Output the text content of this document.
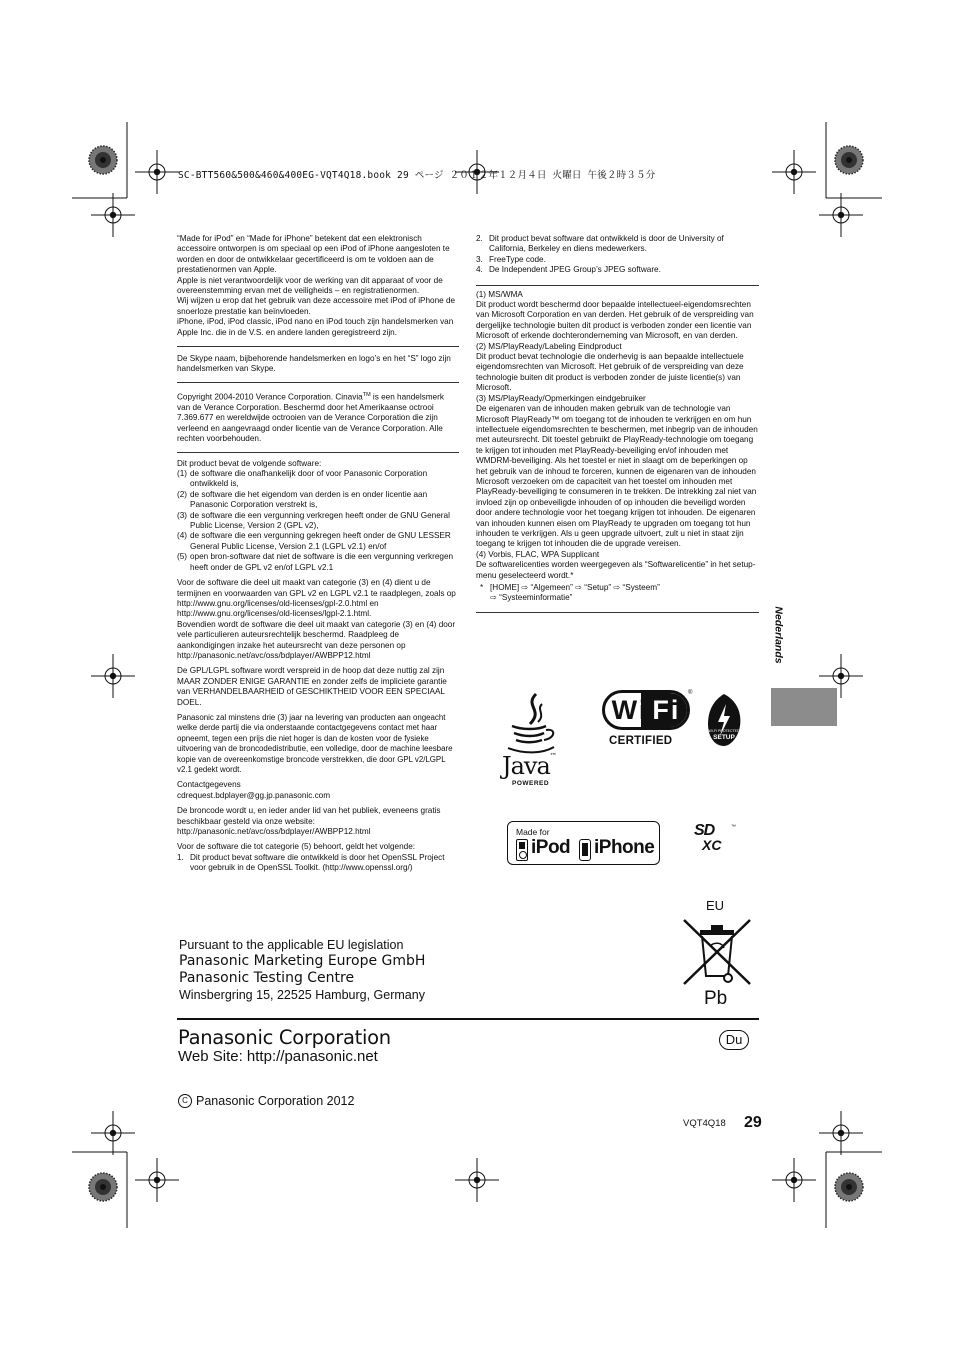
SC-BTT560&500&460&400EG-VQT4Q18.book 29 ページ ２０１２年１２月４日 火曜日 午後２時３５分

“Made for iPod” en “Made for iPhone” betekent dat een elektronisch accessoire ontworpen is om speciaal op een iPod of iPhone aangesloten te worden en door de ontwikkelaar gecertificeerd is om te voldoen aan de prestatienormen van Apple.

Apple is niet verantwoordelijk voor de werking van dit apparaat of voor de overeenstemming ervan met de veiligheids – en registratienormen.

Wij wijzen u erop dat het gebruik van deze accessoire met iPod of iPhone de snoerloze prestatie kan beïnvloeden.

iPhone, iPod, iPod classic, iPod nano en iPod touch zijn handelsmerken van Apple Inc. die in de V.S. en andere landen geregistreerd zijn.

De Skype naam, bijbehorende handelsmerken en logo’s en het “S” logo zijn handelsmerken van Skype.
Copyright 2004-2010 Verance Corporation. Cinavia™ is een handelsmerk van de Verance Corporation. Beschermd door het Amerikaanse octrooi 7.369.677 en wereldwijde octrooien van de Verance Corporation die zijn verleend en aangevraagd onder licentie van de Verance Corporation. Alle rechten voorbehouden.

Dit product bevat de volgende software:

(1) de software die onafhankelijk door of voor Panasonic Corporation ontwikkeld is,
(2) de software die het eigendom van derden is en onder licentie aan Panasonic Corporation verstrekt is,
(3) de software die een vergunning verkregen heeft onder de GNU General Public License, Version 2 (GPL v2),
(4) de software die een vergunning gekregen heeft onder de GNU LESSER General Public License, Version 2.1 (LGPL v2.1) en/of
(5) open bron-software dat niet de software is die een vergunning verkregen heeft onder de GPL v2 en/of LGPL v2.1

Voor de software die deel uit maakt van categorie (3) en (4) dient u de termijnen en voorwaarden van GPL v2 en LGPL v2.1 te raadplegen, zoals op

http://www.gnu.org/licenses/old-licenses/gpl-2.0.html en

http://www.gnu.org/licenses/old-licenses/lgpl-2.1.html.

Bovendien wordt de software die deel uit maakt van categorie (3) en (4) door vele particulieren auteursrechtelijk beschermd. Raadpleeg de aankondigingen inzake het auteursrecht van deze personen op

http://panasonic.net/avc/oss/bdplayer/AWBPP12.html

De GPL/LGPL software wordt verspreid in de hoop dat deze nuttig zal zijn MAAR ZONDER ENIGE GARANTIE en zonder zelfs de impliciete garantie van VERHANDELBAARHEID of GESCHIKTHEID VOOR EEN SPECIAAL DOEL.

Panasonic zal minstens drie (3) jaar na levering van producten aan ongeacht welke derde partij die via onderstaande contactgegevens contact met haar opneemt, tegen een prijs die niet hoger is dan de kosten voor de fysieke uitvoering van de broncodedistributie, een volledige, door de machine leesbare kopie van de overeenkomstige broncode verstrekken, die door GPL v2/LGPL v2.1 gedekt wordt.

Contactgegevens

cdrequest.bdplayer@gg.jp.panasonic.com

De broncode wordt u, en ieder ander lid van het publiek, eveneens gratis beschikbaar gesteld via onze website:

http://panasonic.net/avc/oss/bdplayer/AWBPP12.html

Voor de software die tot categorie (5) behoort, geldt het volgende:

1. Dit product bevat software die ontwikkeld is door het OpenSSL Project voor gebruik in de OpenSSL Toolkit. (http://www.openssl.org/)
2. Dit product bevat software dat ontwikkeld is door de University of California, Berkeley en diens medewerkers.
3. FreeType code.
4. De Independent JPEG Group’s JPEG software.

(1) MS/WMA

Dit product wordt beschermd door bepaalde intellectueel-eigendomsrechten van Microsoft Corporation en van derden. Het gebruik of de verspreiding van dergelijke technologie buiten dit product is verboden zonder een licentie van Microsoft of erkende dochteronderneming van Microsoft, en van derden.

(2) MS/PlayReady/Labeling Eindproduct

Dit product bevat technologie die onderhevig is aan bepaalde intellectuele eigendomsrechten van Microsoft. Het gebruik of de verspreiding van deze technologie buiten dit product is verboden zonder de juiste licentie(s) van Microsoft.

(3) MS/PlayReady/Opmerkingen eindgebruiker

De eigenaren van de inhouden maken gebruik van de technologie van Microsoft PlayReady™ om toegang tot de inhouden te verkrijgen en om hun intellectuele eigendomsrechten te beschermen, met inbegrip van de inhouden met auteursrecht. Dit toestel gebruikt de PlayReady-technologie om toegang te krijgen tot inhouden met PlayReady-beveiliging en/of inhouden met WMDRM-beveiliging. Als het toestel er niet in slaagt om de beperkingen op het gebruik van de inhoud te forceren, kunnen de eigenaren van de inhouden Microsoft verzoeken om de capaciteit van het toestel om inhouden met PlayReady-beveiliging te consumeren in te trekken. De intrekking zal niet van invloed zijn op onbeveiligde inhouden of op inhouden die beveiligd worden door andere technologie voor het toegang krijgen tot inhouden. De eigenaren van inhouden kunnen eisen om PlayReady te upgraden om toegang tot hun inhouden te verkrijgen. Als u geen upgrade uitvoert, zult u niet in staat zijn toegang te krijgen tot inhouden die de upgrade vereisen.

(4) Vorbis, FLAC, WPA Supplicant

De softwarelicenties worden weergegeven als “Softwarelicentie” in het setup-menu geselecteerd wordt.*

* [HOME] ⇨ “Algemeen” ⇨ “Setup” ⇨ “Systeem”
⇨ “Systeeminformatie”
Nederlands
Java™
POWERED
Wi Fi
®
CERTIFIED
WI-FI PROTECTED
SETUP
Made for
iPod iPhone
SD
XC
™
Pursuant to the applicable EU legislation
Panasonic Marketing Europe GmbH
Panasonic Testing Centre
Winsbergring 15, 22525 Hamburg, Germany
EU
Pb
Panasonic Corporation
Web Site: http://panasonic.net
Du
C Panasonic Corporation 2012
VQT4Q18 29
